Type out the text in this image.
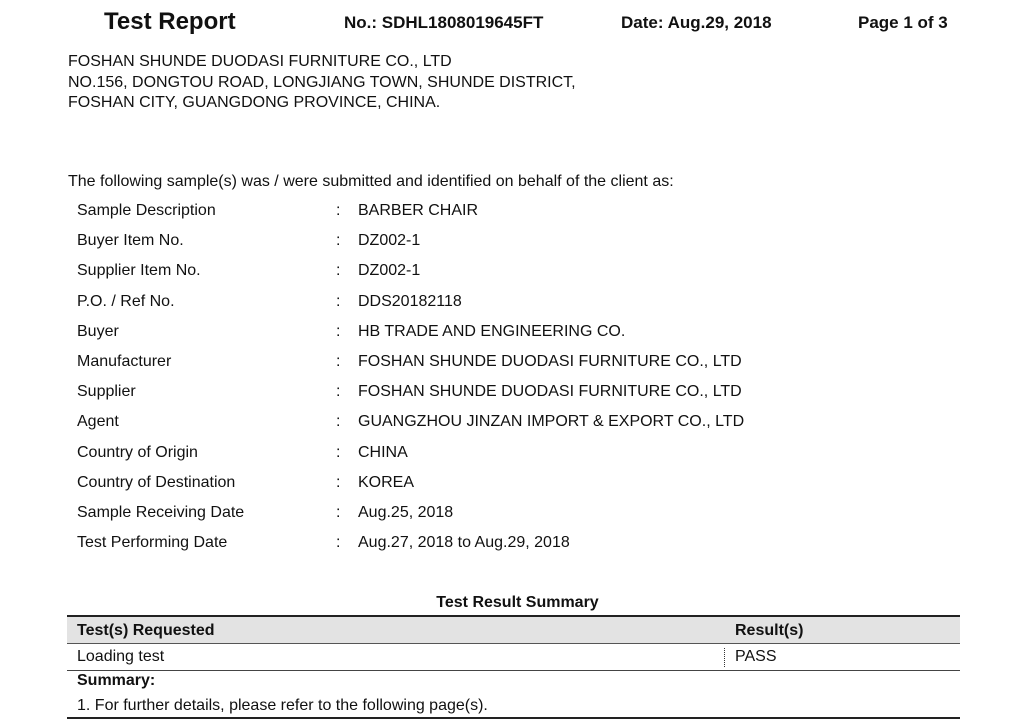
Test Report	No.: SDHL1808019645FT	Date: Aug.29, 2018	Page 1 of 3
FOSHAN SHUNDE DUODASI FURNITURE CO., LTD
NO.156, DONGTOU ROAD, LONGJIANG TOWN, SHUNDE DISTRICT,
FOSHAN CITY, GUANGDONG PROVINCE, CHINA.
The following sample(s) was / were submitted and identified on behalf of the client as:
Sample Description	: BARBER CHAIR
Buyer Item No.	: DZ002-1
Supplier Item No.	: DZ002-1
P.O. / Ref No.	: DDS20182118
Buyer	: HB TRADE AND ENGINEERING CO.
Manufacturer	: FOSHAN SHUNDE DUODASI FURNITURE CO., LTD
Supplier	: FOSHAN SHUNDE DUODASI FURNITURE CO., LTD
Agent	: GUANGZHOU JINZAN IMPORT & EXPORT CO., LTD
Country of Origin	: CHINA
Country of Destination	: KOREA
Sample Receiving Date	: Aug.25, 2018
Test Performing Date	: Aug.27, 2018 to Aug.29, 2018
Test Result Summary
Test(s) Requested	Result(s)
Loading test	PASS
Summary:
1. For further details, please refer to the following page(s).
